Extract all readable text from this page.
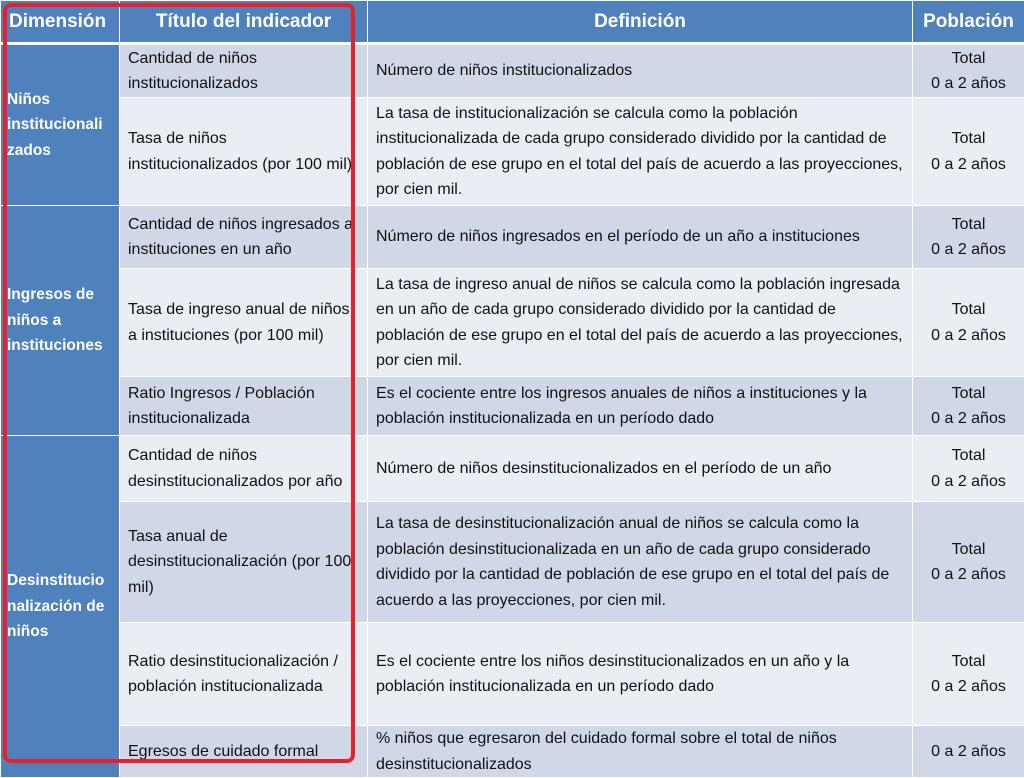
Dimensión	Título del indicador	Definición	Población
Niños institucionali zados	Cantidad de niños institucionalizados	Número de niños institucionalizados	Total
0 a 2 años

	Tasa de niños institucionalizados (por 100 mil)	La tasa de institucionalización se calcula como la población institucionalizada de cada grupo considerado dividido por la cantidad de población de ese grupo en el total del país de acuerdo a las proyecciones, por cien mil.	Total
0 a 2 años

Ingresos de niños a instituciones	Cantidad de niños ingresados a instituciones en un año	Número de niños ingresados en el período de un año a instituciones	Total
0 a 2 años

	Tasa de ingreso anual de niños a instituciones (por 100 mil)	La tasa de ingreso anual de niños se calcula como la población ingresada en un año de cada grupo considerado dividido por la cantidad de población de ese grupo en el total del país de acuerdo a las proyecciones, por cien mil.	Total
0 a 2 años

	Ratio Ingresos / Población institucionalizada	Es el cociente entre los ingresos anuales de niños a instituciones y la población institucionalizada en un período dado	Total
0 a 2 años

Desinstitucio nalización de niños	Cantidad de niños desinstitucionalizados por año	Número de niños desinstitucionalizados en el período de un año	Total
0 a 2 años

	Tasa anual de desinstitucionalización (por 100 mil)	La tasa de desinstitucionalización anual de niños se calcula como la población desinstitucionalizada en un año de cada grupo considerado dividido por la cantidad de población de ese grupo en el total del país de acuerdo a las proyecciones, por cien mil.	Total
0 a 2 años

	Ratio desinstitucionalización / población institucionalizada	Es el cociente entre los niños desinstitucionalizados en un año y la población institucionalizada en un período dado	Total
0 a 2 años

	Egresos de cuidado formal	% niños que egresaron del cuidado formal sobre el total de niños desinstitucionalizados	0 a 2 años
